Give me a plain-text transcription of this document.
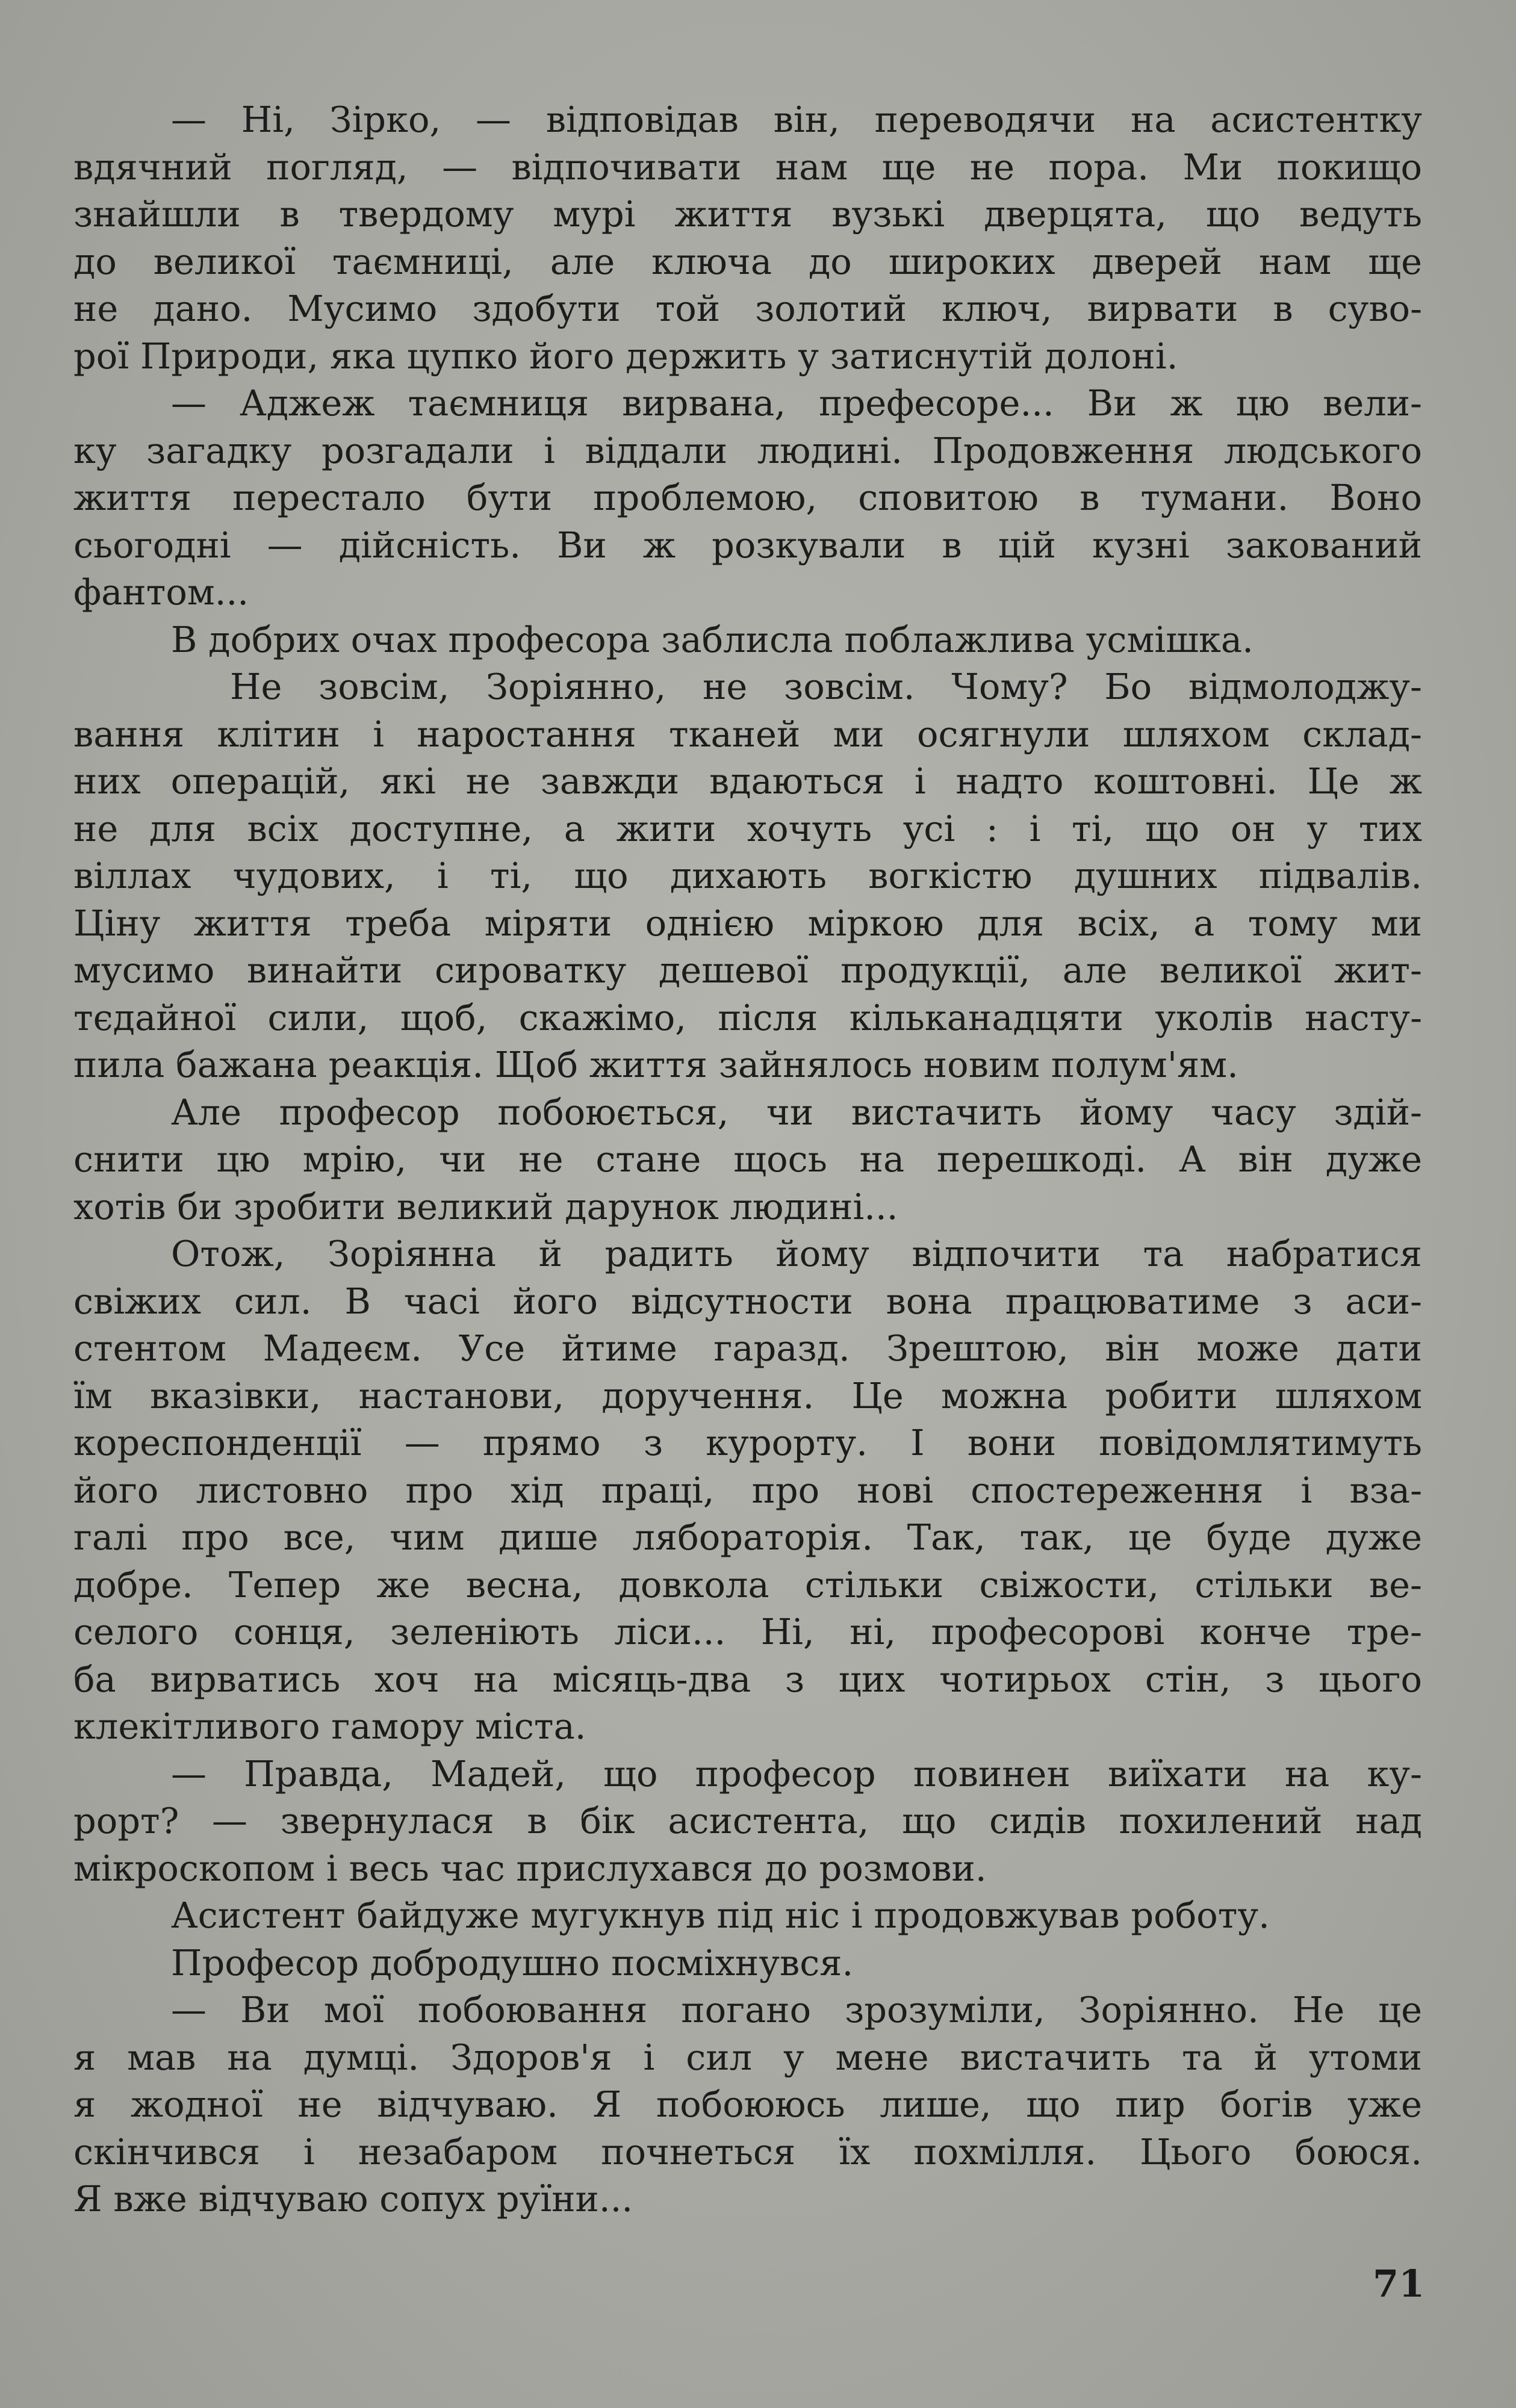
— Ні, Зірко, — відповідав він, переводячи на асистентку
вдячний погляд, — відпочивати нам ще не пора. Ми покищо
знайшли в твердому мурі життя вузькі дверцята, що ведуть
до великої таємниці, але ключа до широких дверей нам ще
не дано. Мусимо здобути той золотий ключ, вирвати в суво-
рої Природи, яка цупко його держить у затиснутій долоні.
— Аджеж таємниця вирвана, префесоре... Ви ж цю вели-
ку загадку розгадали і віддали людині. Продовження людського
життя перестало бути проблемою, сповитою в тумани. Воно
сьогодні — дійсність. Ви ж розкували в цій кузні закований
фантом...
В добрих очах професора заблисла поблажлива усмішка.
Не зовсім, Зоріянно, не зовсім. Чому? Бо відмолоджу-
вання клітин і наростання тканей ми осягнули шляхом склад-
них операцій, які не завжди вдаються і надто коштовні. Це ж
не для всіх доступне, а жити хочуть усі : і ті, що он у тих
віллах чудових, і ті, що дихають вогкістю душних підвалів.
Ціну життя треба міряти однією міркою для всіх, а тому ми
мусимо винайти сироватку дешевої продукції, але великої жит-
тєдайної сили, щоб, скажімо, після кільканадцяти уколів насту-
пила бажана реакція. Щоб життя зайнялось новим полум'ям.
Але професор побоюється, чи вистачить йому часу здій-
снити цю мрію, чи не стане щось на перешкоді. А він дуже
хотів би зробити великий дарунок людині...
Отож, Зоріянна й радить йому відпочити та набратися
свіжих сил. В часі його відсутности вона працюватиме з аси-
стентом Мадеєм. Усе йтиме гаразд. Зрештою, він може дати
їм вказівки, настанови, доручення. Це можна робити шляхом
кореспонденції — прямо з курорту. І вони повідомлятимуть
його листовно про хід праці, про нові спостереження і вза-
галі про все, чим дише лябораторія. Так, так, це буде дуже
добре. Тепер же весна, довкола стільки свіжости, стільки ве-
селого сонця, зеленіють ліси... Ні, ні, професорові конче тре-
ба вирватись хоч на місяць-два з цих чотирьох стін, з цього
клекітливого гамору міста.
— Правда, Мадей, що професор повинен виїхати на ку-
рорт? — звернулася в бік асистента, що сидів похилений над
мікроскопом і весь час прислухався до розмови.
Асистент байдуже мугукнув під ніс і продовжував роботу.
Професор добродушно посміхнувся.
— Ви мої побоювання погано зрозуміли, Зоріянно. Не це
я мав на думці. Здоров'я і сил у мене вистачить та й утоми
я жодної не відчуваю. Я побоююсь лише, що пир богів уже
скінчився і незабаром почнеться їх похмілля. Цього боюся.
Я вже відчуваю сопух руїни...
71
